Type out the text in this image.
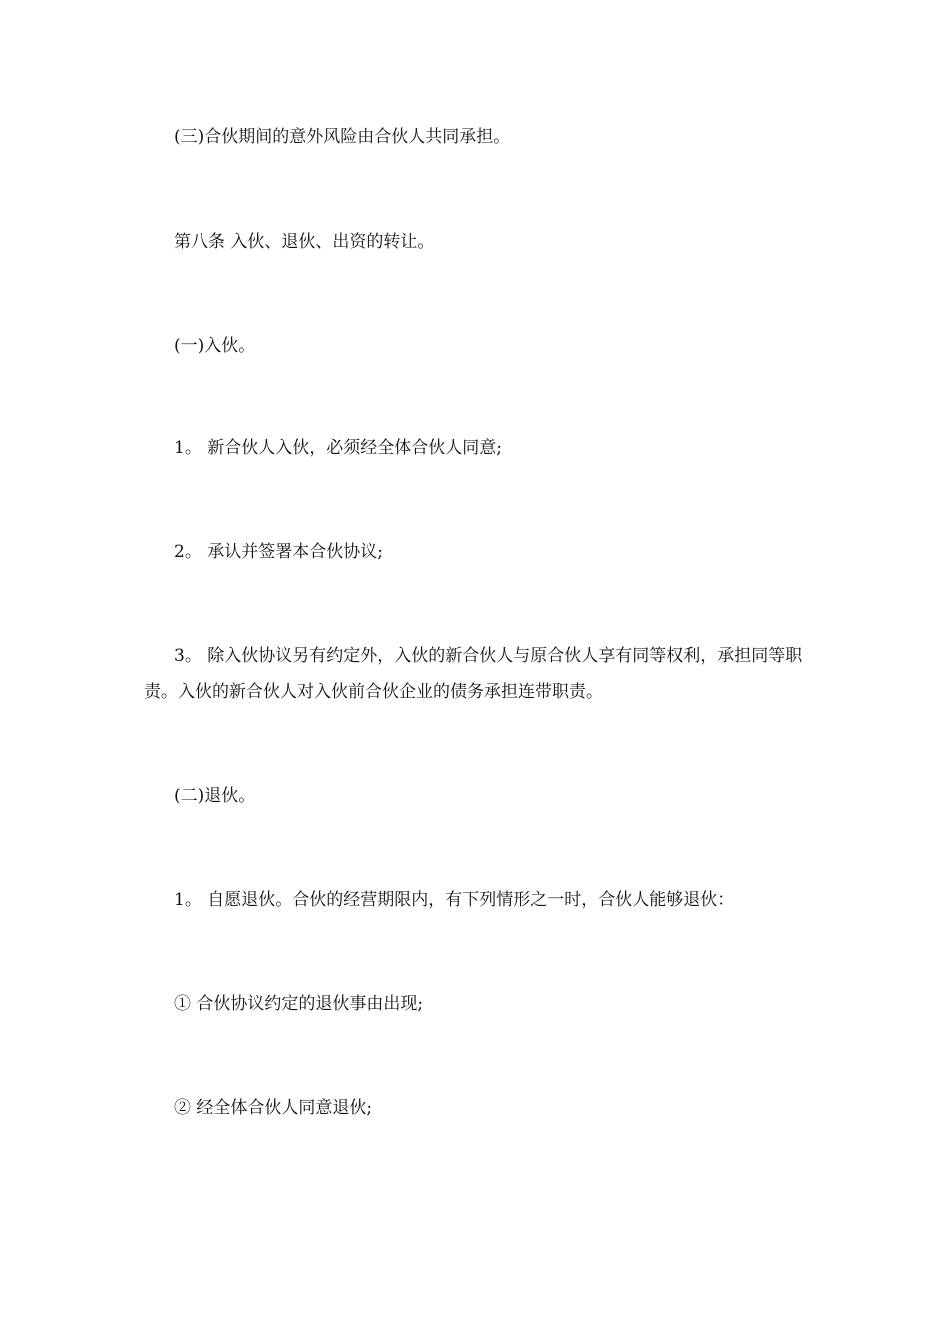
(三)合伙期间的意外风险由合伙人共同承担。

第八条 入伙、退伙、出资的转让。

(一)入伙。

1。 新合伙人入伙，必须经全体合伙人同意;

2。 承认并签署本合伙协议;

3。 除入伙协议另有约定外，入伙的新合伙人与原合伙人享有同等权利，承担同等职责。入伙的新合伙人对入伙前合伙企业的债务承担连带职责。

(二)退伙。

1。 自愿退伙。合伙的经营期限内，有下列情形之一时，合伙人能够退伙：

① 合伙协议约定的退伙事由出现;

② 经全体合伙人同意退伙;
